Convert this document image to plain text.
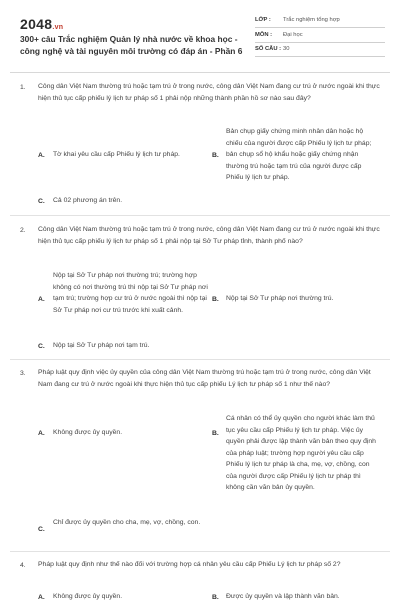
2048.vn
300+ câu Trắc nghiệm Quản lý nhà nước về khoa học - công nghệ và tài nguyên môi trường có đáp án - Phần 6
LỚP : Trắc nghiệm tổng hợp
MÔN : Đại học
SỐ CÂU : 30
1. Công dân Việt Nam thường trú hoặc tạm trú ở trong nước, công dân Việt Nam đang cư trú ở nước ngoài khi thực hiện thủ tục cấp phiếu lý lịch tư pháp số 1 phải nộp những thành phần hồ sơ nào sau đây?
A. Tờ khai yêu cầu cấp Phiếu lý lịch tư pháp.	B.
Bản chụp giấy chứng minh nhân dân hoặc hộ chiếu của người được cấp Phiếu lý lịch tư pháp; bản chụp sổ hộ khẩu hoặc giấy chứng nhận thường trú hoặc tạm trú của người được cấp Phiếu lý lịch tư pháp.
C. Cả 02 phương án trên.
2. Công dân Việt Nam thường trú hoặc tạm trú ở trong nước, công dân Việt Nam đang cư trú ở nước ngoài khi thực hiện thủ tục cấp phiếu lý lịch tư pháp số 1 phải nộp tại Sở Tư pháp tỉnh, thành phố nào?
A.
Nộp tại Sở Tư pháp nơi thường trú; trường hợp không có nơi thường trú thì nộp tại Sở Tư pháp nơi tạm trú; trường hợp cư trú ở nước ngoài thì nộp tại Sở Tư pháp nơi cư trú trước khi xuất cảnh.
B. Nộp tại Sở Tư pháp nơi thường trú.
C. Nộp tại Sở Tư pháp nơi tạm trú.
3. Pháp luật quy định việc ủy quyền của công dân Việt Nam thường trú hoặc tạm trú ở trong nước, công dân Việt Nam đang cư trú ở nước ngoài khi thực hiện thủ tục cấp phiếu Lý lịch tư pháp số 1 như thế nào?
A. Không được ủy quyền.	B.
Cá nhân có thể ủy quyền cho người khác làm thủ tục yêu cầu cấp Phiếu lý lịch tư pháp. Việc ủy quyền phải được lập thành văn bản theo quy định của pháp luật; trường hợp người yêu cầu cấp Phiếu lý lịch tư pháp là cha, mẹ, vợ, chồng, con của người được cấp Phiếu lý lịch tư pháp thì không cần văn bản ủy quyền.
C.
Chỉ được ủy quyền cho cha, mẹ, vợ, chồng, con.
4. Pháp luật quy định như thế nào đối với trường hợp cá nhân yêu cầu cấp Phiếu Lý lịch tư pháp số 2?
A. Không được ủy quyền.	B. Được ủy quyền và lập thành văn bản.
